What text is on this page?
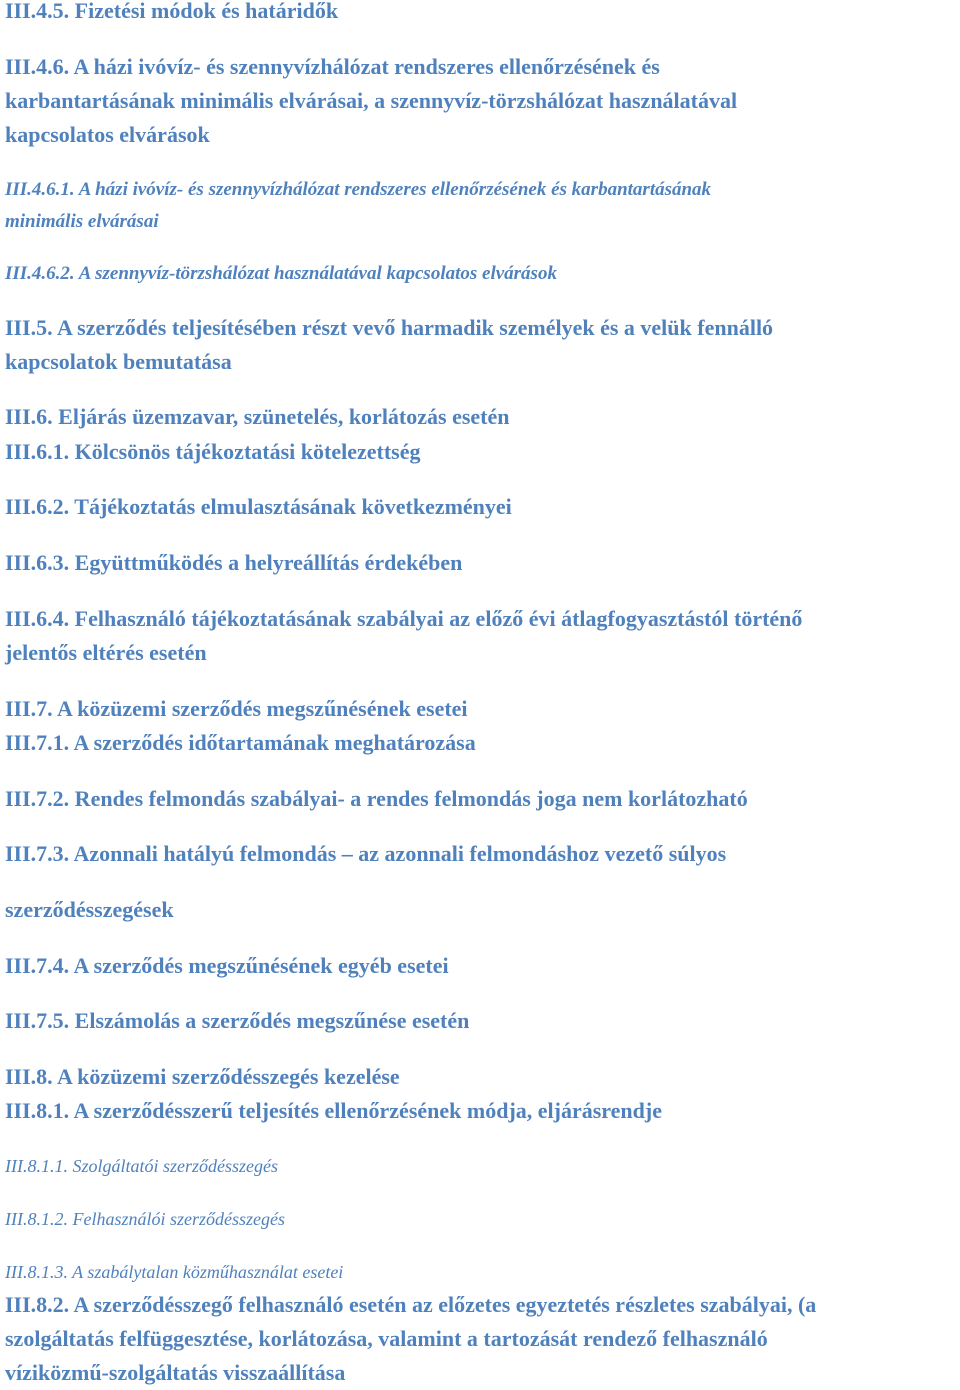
III.4.5. Fizetési módok és határidők
III.4.6. A házi ivóvíz- és szennyvízhálózat rendszeres ellenőrzésének és
karbantartásának minimális elvárásai, a szennyvíz-törzshálózat használatával
kapcsolatos elvárások
III.4.6.1. A házi ivóvíz- és szennyvízhálózat rendszeres ellenőrzésének és karbantartásának
minimális elvárásai
III.4.6.2. A szennyvíz-törzshálózat használatával kapcsolatos elvárások
III.5. A szerződés teljesítésében részt vevő harmadik személyek és a velük fennálló
kapcsolatok bemutatása
III.6. Eljárás üzemzavar, szünetelés, korlátozás esetén
III.6.1. Kölcsönös tájékoztatási kötelezettség
III.6.2. Tájékoztatás elmulasztásának következményei
III.6.3. Együttműködés a helyreállítás érdekében
III.6.4. Felhasználó tájékoztatásának szabályai az előző évi átlagfogyasztástól történő
jelentős eltérés esetén
III.7. A közüzemi szerződés megszűnésének esetei
III.7.1. A szerződés időtartamának meghatározása
III.7.2. Rendes felmondás szabályai- a rendes felmondás joga nem korlátozható
III.7.3. Azonnali hatályú felmondás – az azonnali felmondáshoz vezető súlyos
szerződésszegések
III.7.4. A szerződés megszűnésének egyéb esetei
III.7.5. Elszámolás a szerződés megszűnése esetén
III.8. A közüzemi szerződésszegés kezelése
III.8.1. A szerződésszerű teljesítés ellenőrzésének módja, eljárásrendje
III.8.1.1. Szolgáltatói szerződésszegés
III.8.1.2. Felhasználói szerződésszegés
III.8.1.3. A szabálytalan közműhasználat esetei
III.8.2. A szerződésszegő felhasználó esetén az előzetes egyeztetés részletes szabályai, (a
szolgáltatás felfüggesztése, korlátozása, valamint a tartozását rendező felhasználó
víziközmű-szolgáltatás visszaállítása
